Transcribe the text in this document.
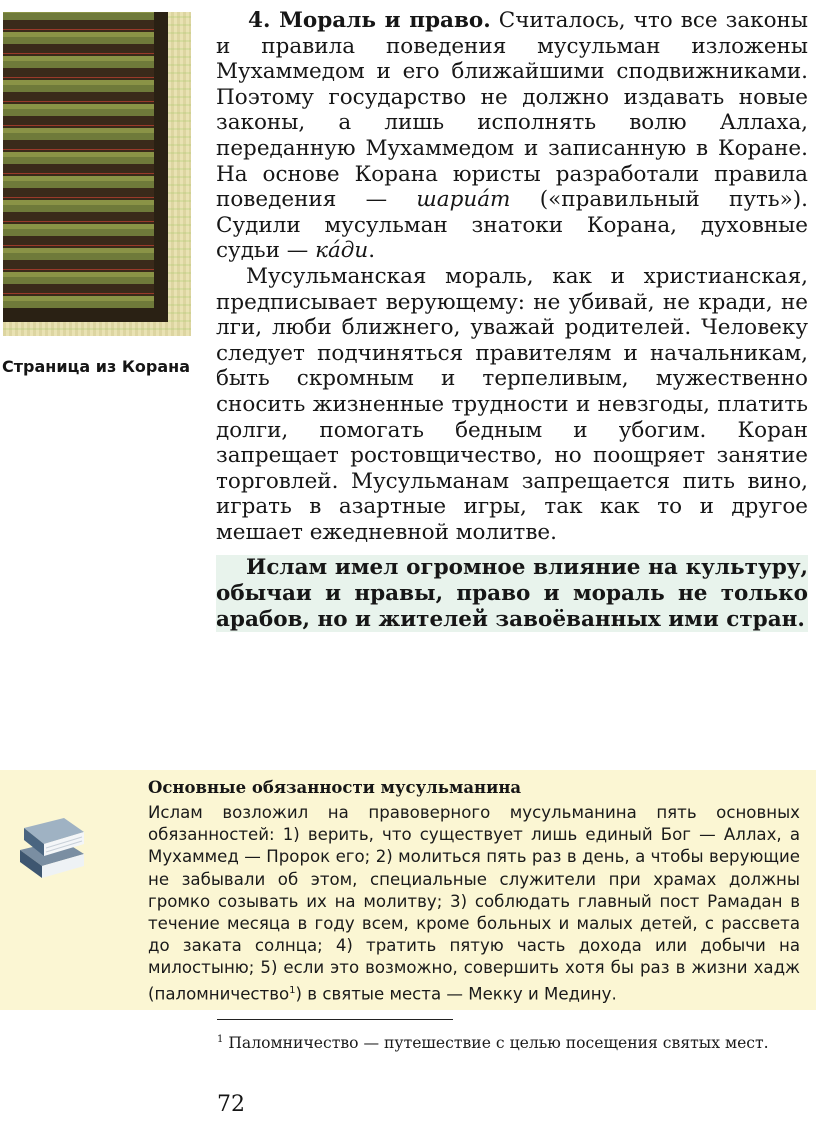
Страница из Корана

4. Мораль и право. Считалось, что все законы и правила поведения мусульман изложены Мухаммедом и его ближайшими сподвижниками. Поэтому государство не должно издавать новые законы, а лишь исполнять волю Аллаха, переданную Мухаммедом и записанную в Коране. На основе Корана юристы разработали правила поведения — шариа́т («правильный путь»). Судили мусульман знатоки Корана, духовные судьи — ка́ди.

Мусульманская мораль, как и христианская, предписывает верующему: не убивай, не кради, не лги, люби ближнего, уважай родителей. Человеку следует подчиняться правителям и начальникам, быть скромным и терпеливым, мужественно сносить жизненные трудности и невзгоды, платить долги, помогать бедным и убогим. Коран запрещает ростовщичество, но поощряет занятие торговлей. Мусульманам запрещается пить вино, играть в азартные игры, так как то и другое мешает ежедневной молитве.

Ислам имел огромное влияние на культуру, обычаи и нравы, право и мораль не только арабов, но и жителей завоёванных ими стран.

Основные обязанности мусульманина

Ислам возложил на правоверного мусульманина пять основных обязанностей: 1) верить, что существует лишь единый Бог — Аллах, а Мухаммед — Пророк его; 2) молиться пять раз в день, а чтобы верующие не забывали об этом, специальные служители при храмах должны громко созывать их на молитву; 3) соблюдать главный пост Рамадан в течение месяца в году всем, кроме больных и малых детей, с рассвета до заката солнца; 4) тратить пятую часть дохода или добычи на милостыню; 5) если это возможно, совершить хотя бы раз в жизни хадж (паломничество$^1$) в святые места — Мекку и Медину.

$^1$ Паломничество — путешествие с целью посещения святых мест.

72
